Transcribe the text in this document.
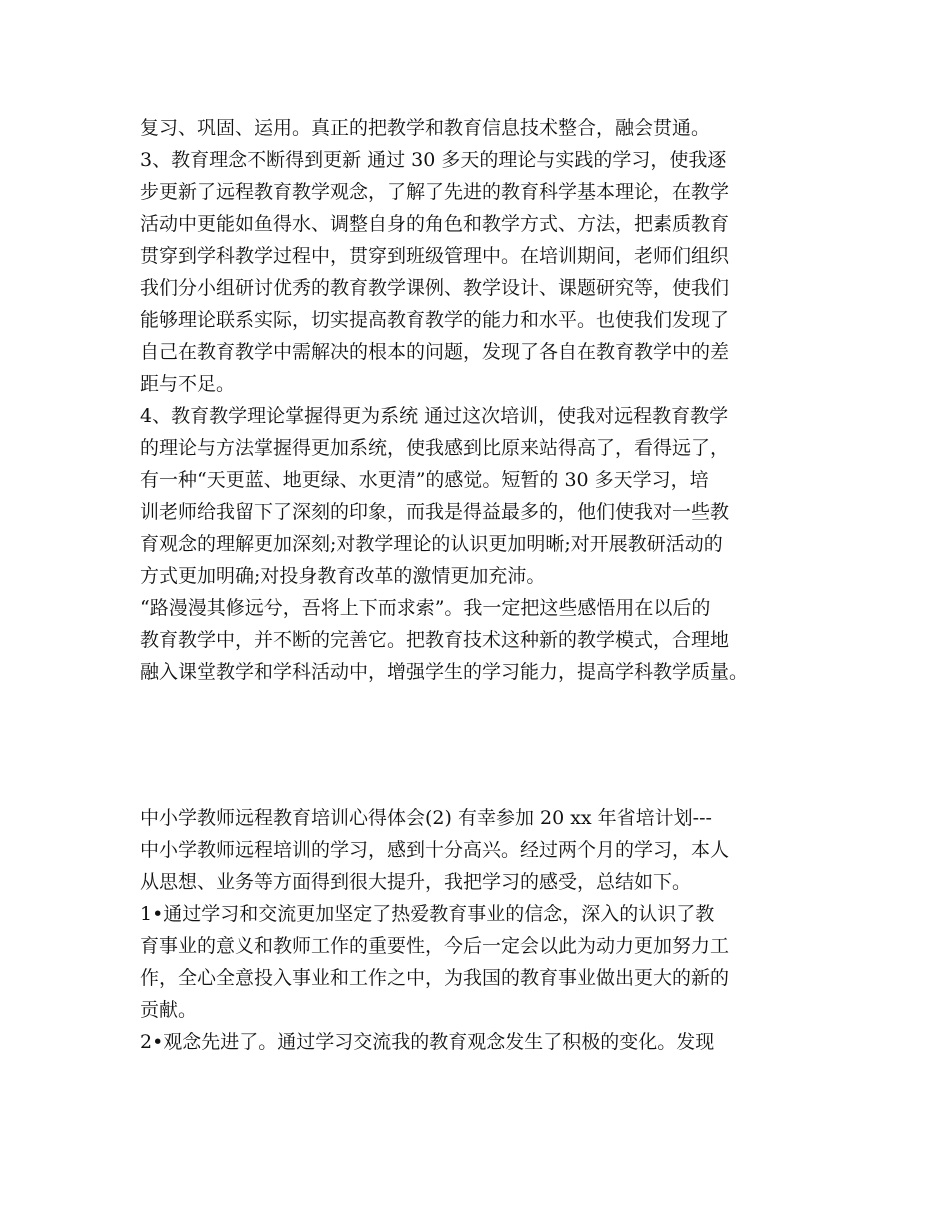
复习、巩固、运用。真正的把教学和教育信息技术整合，融会贯通。
3、教育理念不断得到更新 通过 30 多天的理论与实践的学习，使我逐
步更新了远程教育教学观念，了解了先进的教育科学基本理论，在教学
活动中更能如鱼得水、调整自身的角色和教学方式、方法，把素质教育
贯穿到学科教学过程中，贯穿到班级管理中。在培训期间，老师们组织
我们分小组研讨优秀的教育教学课例、教学设计、课题研究等，使我们
能够理论联系实际，切实提高教育教学的能力和水平。也使我们发现了
自己在教育教学中需解决的根本的问题，发现了各自在教育教学中的差
距与不足。
4、教育教学理论掌握得更为系统 通过这次培训，使我对远程教育教学
的理论与方法掌握得更加系统，使我感到比原来站得高了，看得远了，
有一种“天更蓝、地更绿、水更清”的感觉。短暂的 30 多天学习，培
训老师给我留下了深刻的印象，而我是得益最多的，他们使我对一些教
育观念的理解更加深刻;对教学理论的认识更加明晰;对开展教研活动的
方式更加明确;对投身教育改革的激情更加充沛。
“路漫漫其修远兮，吾将上下而求索”。我一定把这些感悟用在以后的
教育教学中，并不断的完善它。把教育技术这种新的教学模式，合理地
融入课堂教学和学科活动中，增强学生的学习能力，提高学科教学质量。
中小学教师远程教育培训心得体会(2) 有幸参加 20 xx 年省培计划---
中小学教师远程培训的学习，感到十分高兴。经过两个月的学习，本人
从思想、业务等方面得到很大提升，我把学习的感受，总结如下。
1•通过学习和交流更加坚定了热爱教育事业的信念，深入的认识了教
育事业的意义和教师工作的重要性，今后一定会以此为动力更加努力工
作，全心全意投入事业和工作之中，为我国的教育事业做出更大的新的
贡献。
2•观念先进了。通过学习交流我的教育观念发生了积极的变化。发现
